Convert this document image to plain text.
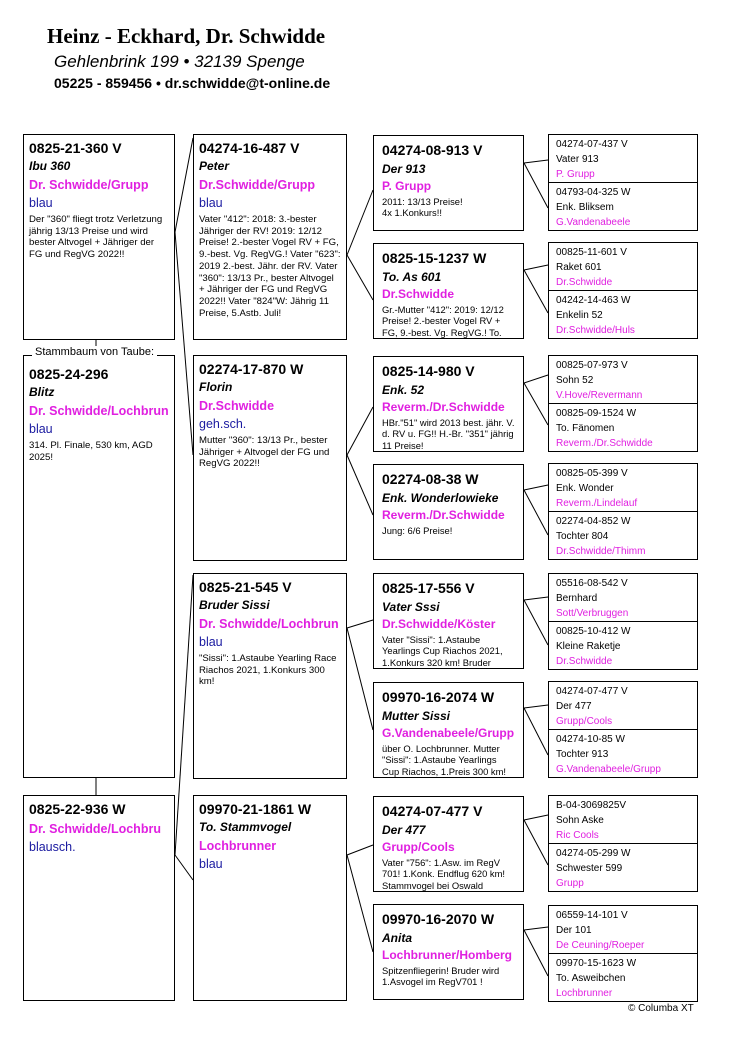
Heinz - Eckhard, Dr. Schwidde
Gehlenbrink 199 • 32139 Spenge
05225 - 859456 • dr.schwidde@t-online.de
0825-21-360 V
Ibu 360
Dr. Schwidde/Grupp
blau
Der "360" fliegt trotz Verletzung jährig 13/13 Preise und wird bester Altvogel + Jähriger der FG und RegVG 2022!!
0825-24-296
Blitz
Dr. Schwidde/Lochbrun
blau
314. Pl. Finale, 530 km, AGD 2025!
Stammbaum von Taube:
0825-22-936 W
Dr. Schwidde/Lochbru
blausch.
04274-16-487 V
Peter
Dr.Schwidde/Grupp
blau
Vater "412": 2018: 3.-bester Jähriger der RV! 2019: 12/12 Preise! 2.-bester Vogel RV + FG, 9.-best. Vg. RegVG.! Vater "623": 2019 2.-best. Jähr. der RV. Vater "360": 13/13 Pr., bester Altvogel + Jähriger der FG und RegVG 2022!! Vater "824"W: Jährig 11 Preise, 5.Astb. Juli!
02274-17-870 W
Florin
Dr.Schwidde
geh.sch.
Mutter "360": 13/13 Pr., bester Jähriger + Altvogel der FG und RegVG 2022!!
0825-21-545 V
Bruder Sissi
Dr. Schwidde/Lochbrun
blau
"Sissi": 1.Astaube Yearling Race Riachos 2021, 1.Konkurs 300 km!
09970-21-1861 W
To. Stammvogel
Lochbrunner
blau
04274-08-913 V
Der 913
P. Grupp
2011: 13/13 Preise!
4x 1.Konkurs!!
0825-15-1237 W
To. As 601
Dr.Schwidde
Gr.-Mutter "412": 2019: 12/12 Preise! 2.-bester Vogel RV + FG, 9.-best. Vg. RegVG.! To.
0825-14-980 V
Enk. 52
Reverm./Dr.Schwidde
HBr."51" wird 2013 best. jähr. V. d. RV u. FG!! H.-Br. "351" jährig 11 Preise!
02274-08-38 W
Enk. Wonderlowieke
Reverm./Dr.Schwidde
Jung: 6/6 Preise!
0825-17-556 V
Vater Sssi
Dr.Schwidde/Köster
Vater "Sissi": 1.Astaube Yearlings Cup Riachos 2021, 1.Konkurs 320 km! Bruder
09970-16-2074 W
Mutter Sissi
G.Vandenabeele/Grupp
über O. Lochbrunner. Mutter "Sissi": 1.Astaube Yearlings Cup Riachos, 1.Preis 300 km!
04274-07-477 V
Der 477
Grupp/Cools
Vater "756": 1.Asw. im RegV 701! 1.Konk. Endflug 620 km! Stammvogel bei Oswald
09970-16-2070 W
Anita
Lochbrunner/Homberg
Spitzenfliegerin! Bruder wird 1.Asvogel im RegV701 !
04274-07-437 V
Vater 913
P. Grupp
04793-04-325 W
Enk. Bliksem
G.Vandenabeele
00825-11-601 V
Raket 601
Dr.Schwidde
04242-14-463 W
Enkelin 52
Dr.Schwidde/Huls
00825-07-973 V
Sohn 52
V.Hove/Revermann
00825-09-1524 W
To. Fänomen
Reverm./Dr.Schwidde
00825-05-399 V
Enk. Wonder
Reverm./Lindelauf
02274-04-852 W
Tochter 804
Dr.Schwidde/Thimm
05516-08-542 V
Bernhard
Sott/Verbruggen
00825-10-412 W
Kleine Raketje
Dr.Schwidde
04274-07-477 V
Der 477
Grupp/Cools
04274-10-85 W
Tochter 913
G.Vandenabeele/Grupp
B-04-3069825V
Sohn Aske
Ric Cools
04274-05-299 W
Schwester 599
Grupp
06559-14-101 V
Der 101
De Ceuning/Roeper
09970-15-1623 W
To. Asweibchen
Lochbrunner
© Columba XT
